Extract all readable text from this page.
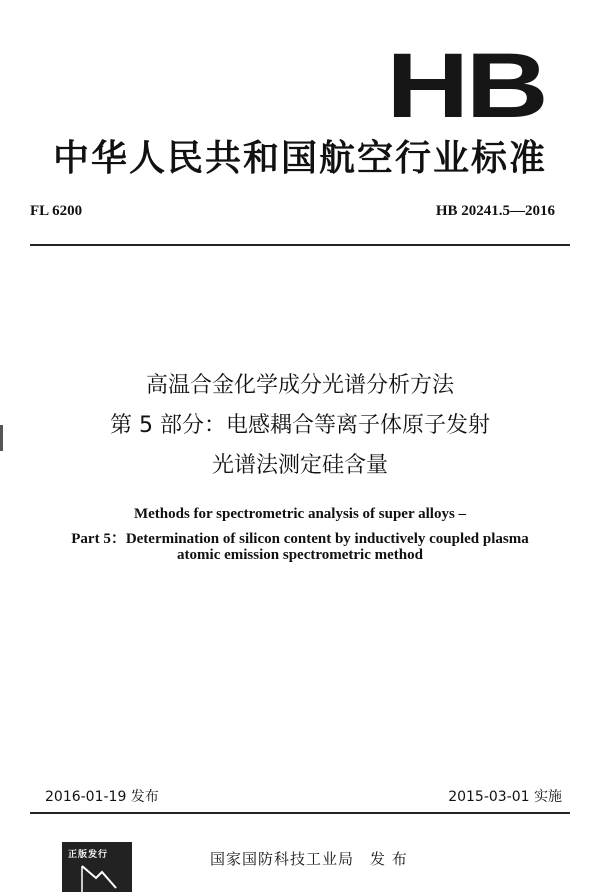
HB
中华人民共和国航空行业标准
FL 6200	HB 20241.5—2016
高温合金化学成分光谱分析方法
第 5 部分：电感耦合等离子体原子发射
光谱法测定硅含量
Methods for spectrometric analysis of super alloys –
Part 5：Determination of silicon content by inductively coupled plasma
atomic emission spectrometric method
2016-01-19 发布	2015-03-01 实施
正版发行	国家国防科技工业局　发 布
